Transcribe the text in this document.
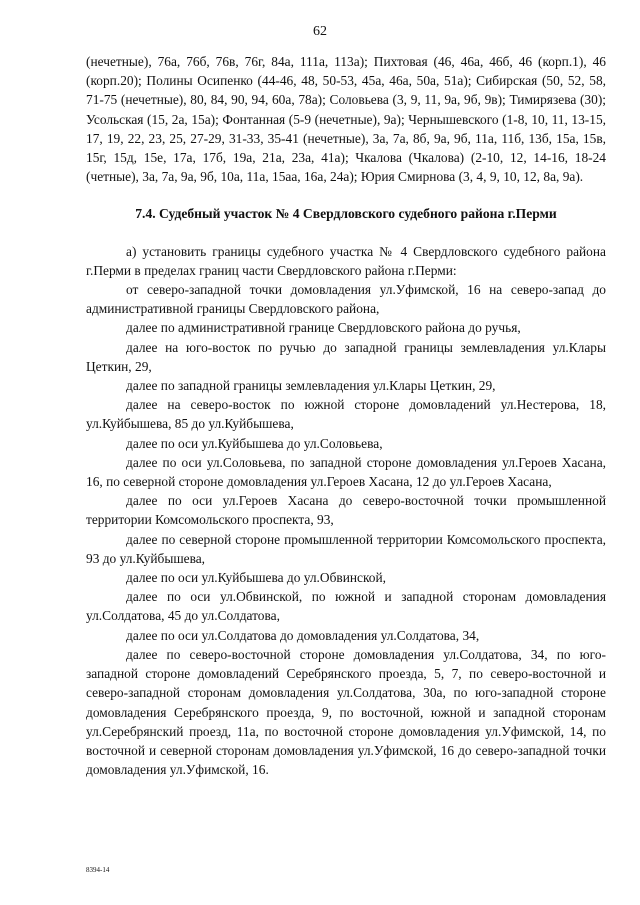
62

(нечетные), 76а, 76б, 76в, 76г, 84а, 111а, 113а); Пихтовая (46, 46а, 46б, 46 (корп.1), 46 (корп.20); Полины Осипенко (44-46, 48, 50-53, 45а, 46а, 50а, 51а); Сибирская (50, 52, 58, 71-75 (нечетные), 80, 84, 90, 94, 60а, 78а); Соловьева (3, 9, 11, 9а, 9б, 9в); Тимирязева (30); Усольская (15, 2а, 15а); Фонтанная (5-9 (нечетные), 9а); Чернышевского (1-8, 10, 11, 13-15, 17, 19, 22, 23, 25, 27-29, 31-33, 35-41 (нечетные), 3а, 7а, 8б, 9а, 9б, 11а, 11б, 13б, 15а, 15в, 15г, 15д, 15е, 17а, 17б, 19а, 21а, 23а, 41а); Чкалова (Чкалова) (2-10, 12, 14-16, 18-24 (четные), 3а, 7а, 9а, 9б, 10а, 11а, 15аа, 16а, 24а); Юрия Смирнова (3, 4, 9, 10, 12, 8а, 9а).

7.4. Судебный участок № 4 Свердловского судебного района г.Перми

а) установить границы судебного участка № 4 Свердловского судебного района г.Перми в пределах границ части Свердловского района г.Перми:

от северо-западной точки домовладения ул.Уфимской, 16 на северо-запад до административной границы Свердловского района,

далее по административной границе Свердловского района до ручья,

далее на юго-восток по ручью до западной границы землевладения ул.Клары Цеткин, 29,

далее по западной границы землевладения ул.Клары Цеткин, 29,

далее на северо-восток по южной стороне домовладений ул.Нестерова, 18, ул.Куйбышева, 85 до ул.Куйбышева,

далее по оси ул.Куйбышева до ул.Соловьева,

далее по оси ул.Соловьева, по западной стороне домовладения ул.Героев Хасана, 16, по северной стороне домовладения ул.Героев Хасана, 12 до ул.Героев Хасана,

далее по оси ул.Героев Хасана до северо-восточной точки промышленной территории Комсомольского проспекта, 93,

далее по северной стороне промышленной территории Комсомольского проспекта, 93 до ул.Куйбышева,

далее по оси ул.Куйбышева до ул.Обвинской,

далее по оси ул.Обвинской, по южной и западной сторонам домовладения ул.Солдатова, 45 до ул.Солдатова,

далее по оси ул.Солдатова до домовладения ул.Солдатова, 34,

далее по северо-восточной стороне домовладения ул.Солдатова, 34, по юго-западной стороне домовладений Серебрянского проезда, 5, 7, по северо-восточной и северо-западной сторонам домовладения ул.Солдатова, 30а, по юго-западной стороне домовладения Серебрянского проезда, 9, по восточной, южной и западной сторонам ул.Серебрянский проезд, 11а, по восточной стороне домовладения ул.Уфимской, 14, по восточной и северной сторонам домовладения ул.Уфимской, 16 до северо-западной точки домовладения ул.Уфимской, 16.

8394-14
